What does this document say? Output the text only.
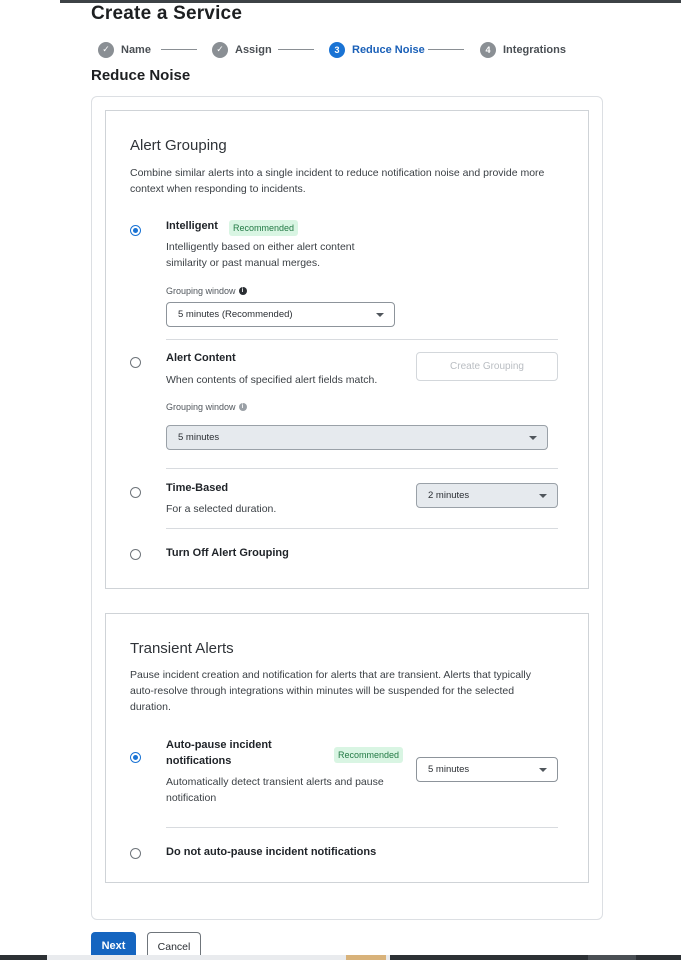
Create a Service
✓	Name	✓	Assign	3	Reduce Noise	4	Integrations
Reduce Noise
Alert Grouping
Combine similar alerts into a single incident to reduce notification noise and provide more context when responding to incidents.
Intelligent	Recommended
Intelligently based on either alert content similarity or past manual merges.
Grouping window	i
5 minutes (Recommended)
Alert Content
When contents of specified alert fields match.
Create Grouping
Grouping window	i
5 minutes
Time-Based
For a selected duration.
2 minutes
Turn Off Alert Grouping
Transient Alerts
Pause incident creation and notification for alerts that are transient. Alerts that typically auto-resolve through integrations within minutes will be suspended for the selected duration.
Auto-pause incident notifications	Recommended
Automatically detect transient alerts and pause notification
5 minutes
Do not auto-pause incident notifications
Next	Cancel
